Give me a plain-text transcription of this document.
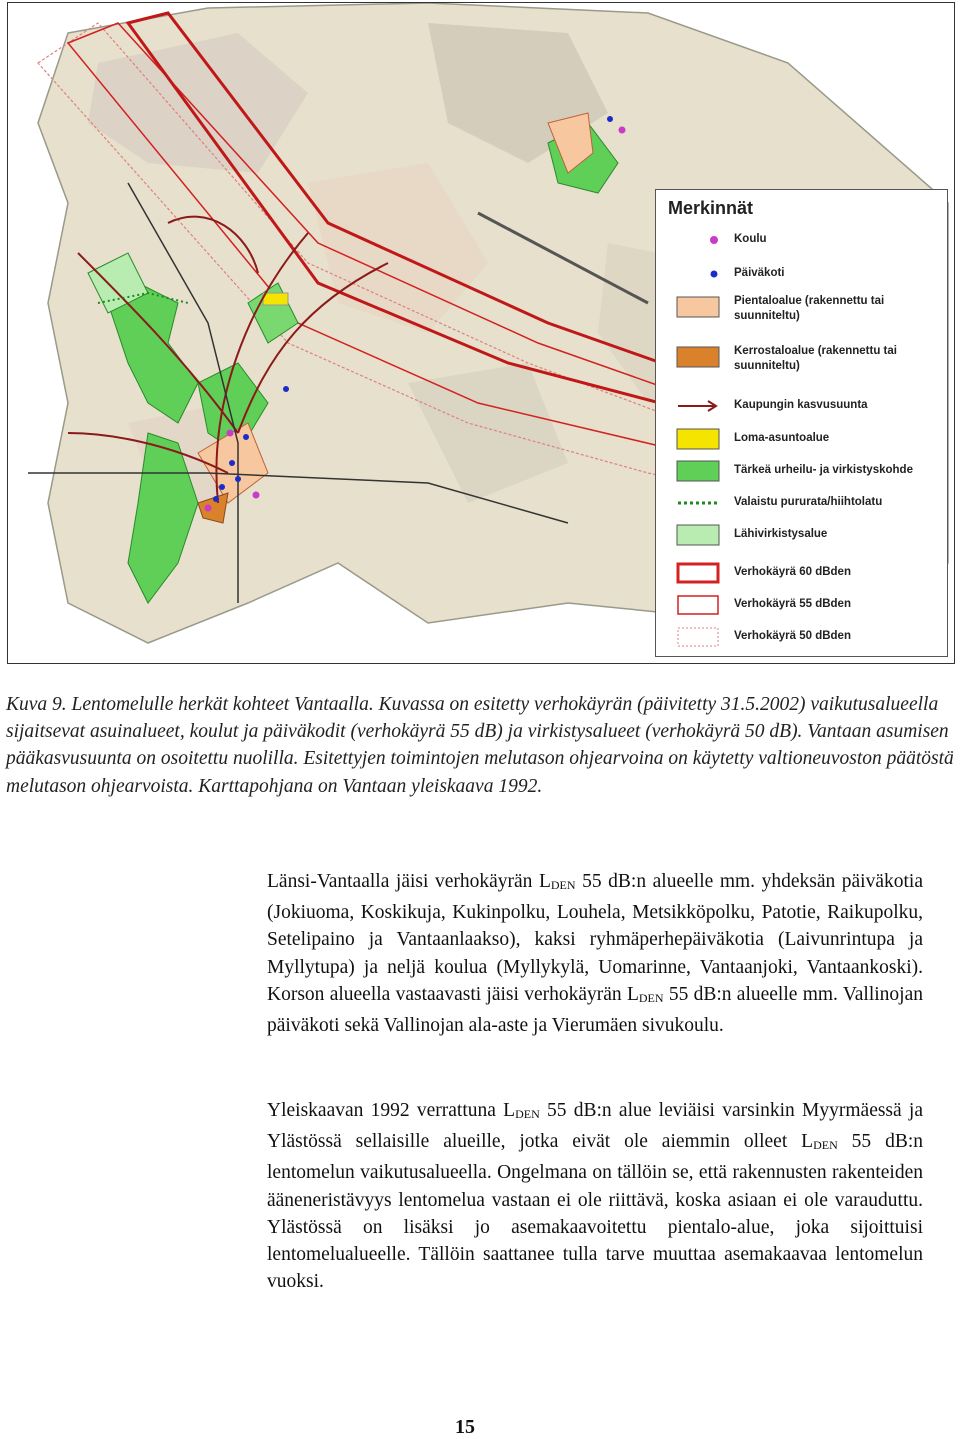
Merkinnät
Koulu
Päiväkoti
Pientaloalue (rakennettu tai suunniteltu)
Kerrostaloalue (rakennettu tai suunniteltu)
Kaupungin kasvusuunta
Loma-asuntoalue
Tärkeä urheilu- ja virkistyskohde
Valaistu pururata/hiihtolatu
Lähivirkistysalue
Verhokäyrä 60 dBden
Verhokäyrä 55 dBden
Verhokäyrä 50 dBden
Kuva 9. Lentomelulle herkät kohteet Vantaalla. Kuvassa on esitetty verhokäyrän (päivitetty 31.5.2002) vaikutusalueella sijaitsevat asuinalueet, koulut ja päiväkodit (verhokäyrä 55 dB) ja virkistysalueet (verhokäyrä 50 dB). Vantaan asumisen pääkasvusuunta on osoitettu nuolilla. Esitettyjen toimintojen melutason ohjearvoina on käytetty valtioneuvoston päätöstä melutason ohjearvoista. Karttapohjana on Vantaan yleiskaava 1992.
Länsi-Vantaalla jäisi verhokäyrän $L_{DEN}$ 55 dB:n alueelle mm. yhdeksän päiväkotia (Jokiuoma, Koskikuja, Kukinpolku, Louhela, Metsikköpolku, Patotie, Raikupolku, Setelipaino ja Vantaanlaakso), kaksi ryhmäperhepäiväkotia (Laivunrintupa ja Myllytupa) ja neljä koulua (Myllykylä, Uomarinne, Vantaanjoki, Vantaankoski). Korson alueella vastaavasti jäisi verhokäyrän $L_{DEN}$ 55 dB:n alueelle mm. Vallinojan päiväkoti sekä Vallinojan ala-aste ja Vierumäen sivukoulu.
Yleiskaavan 1992 verrattuna $L_{DEN}$ 55 dB:n alue leviäisi varsinkin Myyrmäessä ja Ylästössä sellaisille alueille, jotka eivät ole aiemmin olleet $L_{DEN}$ 55 dB:n lentomelun vaikutusalueella. Ongelmana on tällöin se, että rakennusten rakenteiden ääneneristävyys lentomelua vastaan ei ole riittävä, koska asiaan ei ole varauduttu. Ylästössä on lisäksi jo asemakaavoitettu pientalo-alue, joka sijoittuisi lentomelualueelle. Tällöin saattanee tulla tarve muuttaa asemakaavaa lentomelun vuoksi.
15
